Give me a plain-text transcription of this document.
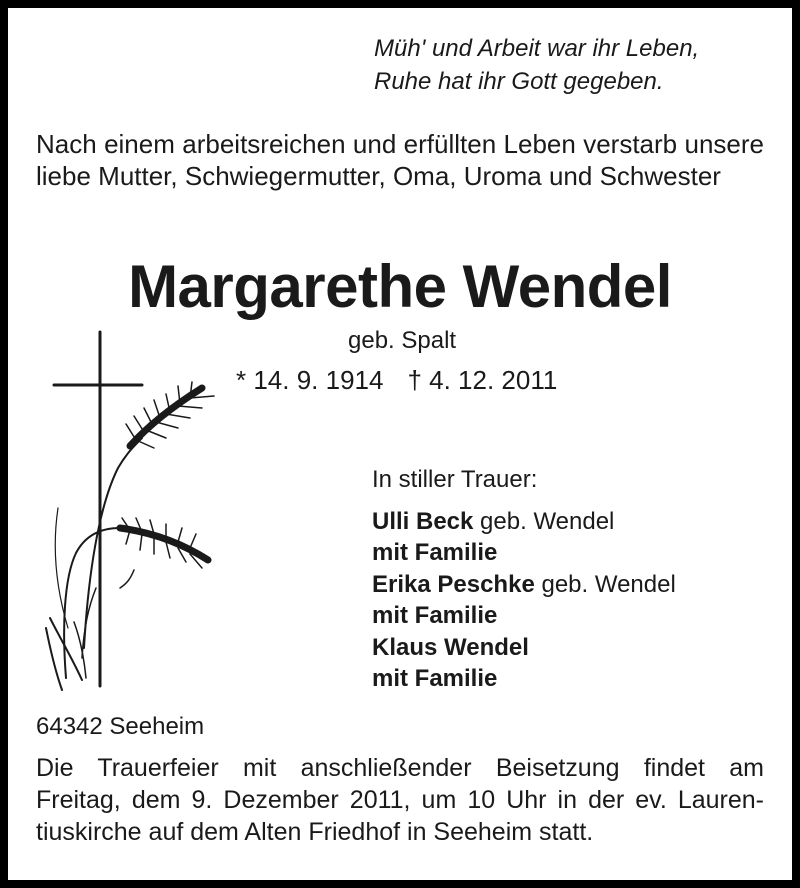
Müh' und Arbeit war ihr Leben,
Ruhe hat ihr Gott gegeben.
Nach einem arbeitsreichen und erfüllten Leben verstarb unsere liebe Mutter, Schwiegermutter, Oma, Uroma und Schwester
Margarethe Wendel
geb. Spalt
* 14. 9. 1914 † 4. 12. 2011
In stiller Trauer:
Ulli Beck geb. Wendel
mit Familie
Erika Peschke geb. Wendel
mit Familie
Klaus Wendel
mit Familie
64342 Seeheim
Die Trauerfeier mit anschließender Beisetzung findet am
Freitag, dem 9. Dezember 2011, um 10 Uhr in der ev. Lauren-
tiuskirche auf dem Alten Friedhof in Seeheim statt.
